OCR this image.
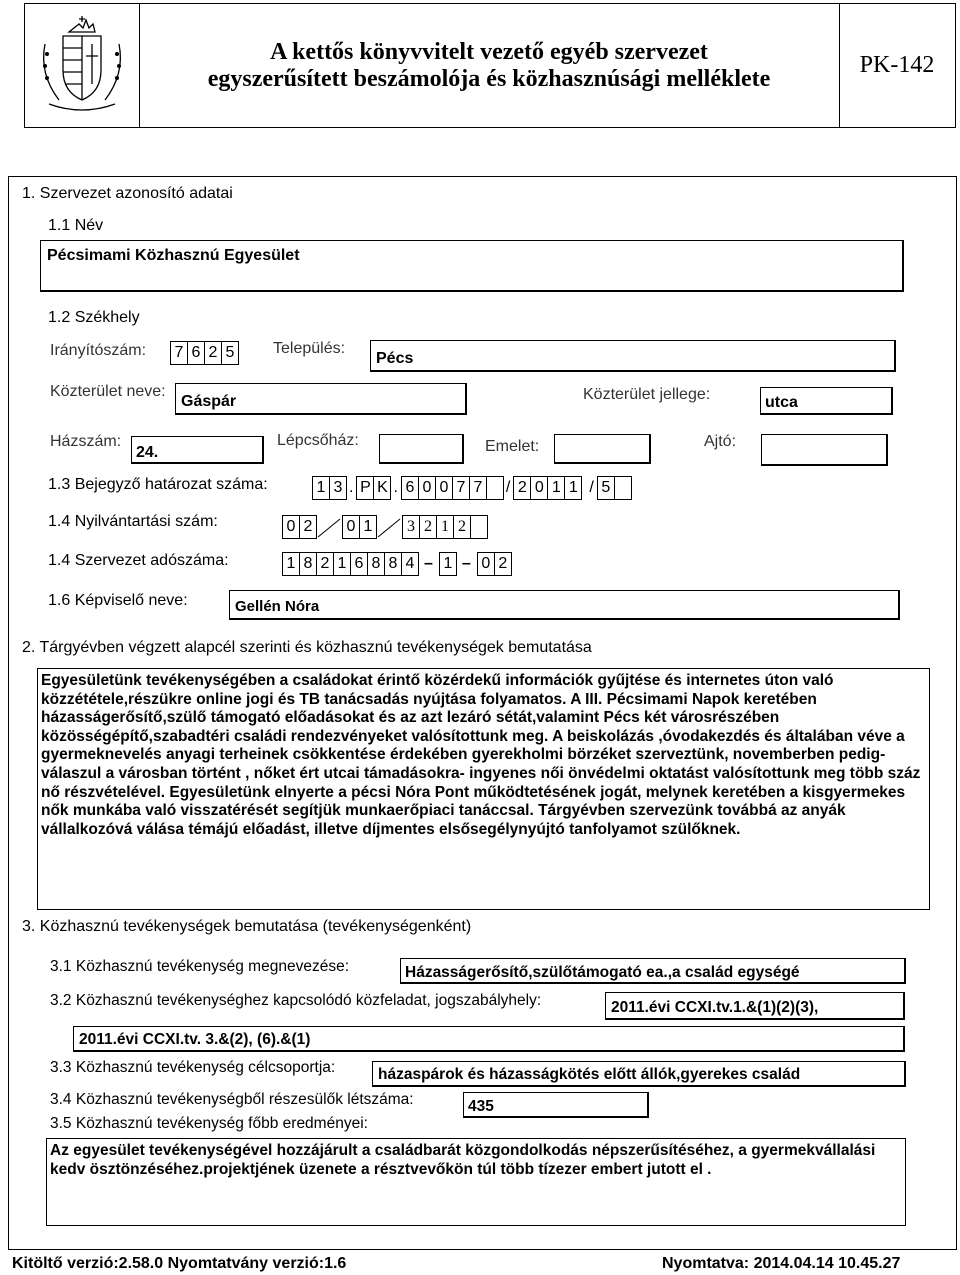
A kettős könyvvitelt vezető egyéb szervezet
egyszerűsített beszámolója és közhasznúsági melléklete
PK-142
1. Szervezet azonosító adatai
1.1 Név
Pécsimami Közhasznú Egyesület
1.2 Székhely
Irányítószám: 7 6 2 5 Település:
Pécs
Közterület neve:
Gáspár	Közterület jellege:	utca
Házszám:
24.
Lépcsőház:	Emelet:	Ajtó:
1.3 Bejegyző határozat száma:	1 3 . P K . 6 0 0 7 7 / 2 0 1 1 / 5
1.4 Nyilvántartási szám:	0 2 0 1	3 2 1 2
1.4 Szervezet adószáma:	1 8 2 1 6 8 8 4 – 1 – 0 2
1.6 Képviselő neve:	Gellén Nóra
2. Tárgyévben végzett alapcél szerinti és közhasznú tevékenységek bemutatása
Egyesületünk tevékenységében a családokat érintő közérdekű információk gyűjtése és internetes úton való közzététele,részükre online jogi és TB tanácsadás nyújtása folyamatos. A III. Pécsimami Napok keretében házasságerősítő,szülő támogató előadásokat és az azt lezáró sétát,valamint Pécs két városrészében közösségépítő,szabadtéri családi rendezvényeket valósítottunk meg. A beiskolázás ,óvodakezdés és általában véve a gyermeknevelés anyagi terheinek csökkentése érdekében gyerekholmi börzéket szerveztünk, novemberben pedig- válaszul a városban történt , nőket ért utcai támadásokra- ingyenes női önvédelmi oktatást valósítottunk meg több száz nő részvételével. Egyesületünk elnyerte a pécsi Nóra Pont működtetésének jogát, melynek keretében a kisgyermekes nők munkába való visszatérését segítjük munkaerőpiaci tanáccsal. Tárgyévben szervezünk továbbá az anyák vállalkozóvá válása témájú előadást, illetve díjmentes elsősegélynyújtó tanfolyamot szülőknek.
3. Közhasznú tevékenységek bemutatása (tevékenységenként)
3.1 Közhasznú tevékenység megnevezése:	Házasságerősítő,szülőtámogató ea.,a család egységé
3.2 Közhasznú tevékenységhez kapcsolódó közfeladat, jogszabályhely:	2011.évi CCXI.tv.1.&(1)(2)(3),
2011.évi CCXI.tv. 3.&(2), (6).&(1)
3.3 Közhasznú tevékenység célcsoportja:	házaspárok és házasságkötés előtt állók,gyerekes család
3.4 Közhasznú tevékenységből részesülők létszáma:	435
3.5 Közhasznú tevékenység főbb eredményei:
Az egyesület tevékenységével hozzájárult a családbarát közgondolkodás népszerűsítéséhez, a gyermekvállalási kedv ösztönzéséhez.projektjének üzenete a résztvevőkön túl több tízezer embert jutott el .
Kitöltő verzió:2.58.0 Nyomtatvány verzió:1.6	Nyomtatva: 2014.04.14 10.45.27
